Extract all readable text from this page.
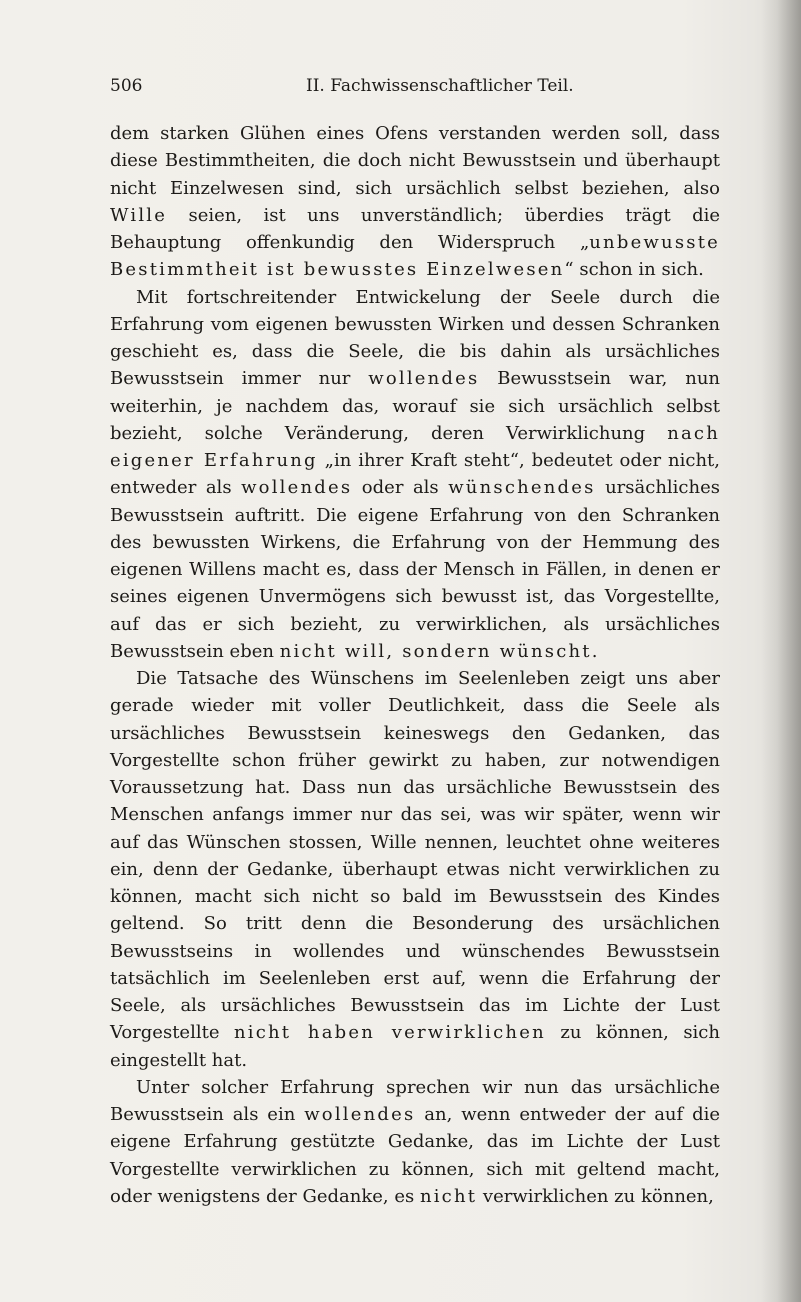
506	II. Fachwissenschaftlicher Teil.

dem starken Glühen eines Ofens verstanden werden soll, dass diese Bestimmtheiten, die doch nicht Bewusstsein und überhaupt nicht Einzelwesen sind, sich ursächlich selbst beziehen, also Wille seien, ist uns unverständlich; überdies trägt die Behauptung offenkundig den Widerspruch „unbewusste Bestimmtheit ist bewusstes Einzelwesen“ schon in sich.

Mit fortschreitender Entwickelung der Seele durch die Erfahrung vom eigenen bewussten Wirken und dessen Schranken geschieht es, dass die Seele, die bis dahin als ursächliches Bewusstsein immer nur wollendes Bewusstsein war, nun weiterhin, je nachdem das, worauf sie sich ursächlich selbst bezieht, solche Veränderung, deren Verwirklichung nach eigener Erfahrung „in ihrer Kraft steht“, bedeutet oder nicht, entweder als wollendes oder als wünschendes ursächliches Bewusstsein auftritt. Die eigene Erfahrung von den Schranken des bewussten Wirkens, die Erfahrung von der Hemmung des eigenen Willens macht es, dass der Mensch in Fällen, in denen er seines eigenen Unvermögens sich bewusst ist, das Vorgestellte, auf das er sich bezieht, zu verwirklichen, als ursächliches Bewusstsein eben nicht will, sondern wünscht.

Die Tatsache des Wünschens im Seelenleben zeigt uns aber gerade wieder mit voller Deutlichkeit, dass die Seele als ursächliches Bewusstsein keineswegs den Gedanken, das Vorgestellte schon früher gewirkt zu haben, zur notwendigen Voraussetzung hat. Dass nun das ursächliche Bewusstsein des Menschen anfangs immer nur das sei, was wir später, wenn wir auf das Wünschen stossen, Wille nennen, leuchtet ohne weiteres ein, denn der Gedanke, überhaupt etwas nicht verwirklichen zu können, macht sich nicht so bald im Bewusstsein des Kindes geltend. So tritt denn die Besonderung des ursächlichen Bewusstseins in wollendes und wünschendes Bewusstsein tatsächlich im Seelenleben erst auf, wenn die Erfahrung der Seele, als ursächliches Bewusstsein das im Lichte der Lust Vorgestellte nicht haben verwirklichen zu können, sich eingestellt hat.

Unter solcher Erfahrung sprechen wir nun das ursächliche Bewusstsein als ein wollendes an, wenn entweder der auf die eigene Erfahrung gestützte Gedanke, das im Lichte der Lust Vorgestellte verwirklichen zu können, sich mit geltend macht, oder wenigstens der Gedanke, es nicht verwirklichen zu können,
